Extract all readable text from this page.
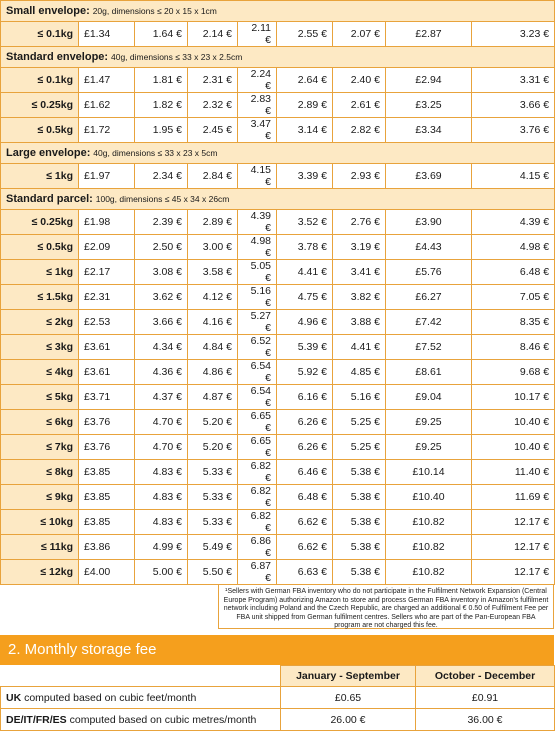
Small envelope: 20g, dimensions ≤ 20 x 15 x 1cm								
≤ 0.1kg	£1.34	1.64 €	2.14 €	2.11 €	2.55 €	2.07 €	£2.87	3.23 €
Standard envelope: 40g, dimensions ≤ 33 x 23 x 2.5cm								
≤ 0.1kg	£1.47	1.81 €	2.31 €	2.24 €	2.64 €	2.40 €	£2.94	3.31 €
≤ 0.25kg	£1.62	1.82 €	2.32 €	2.83 €	2.89 €	2.61 €	£3.25	3.66 €
≤ 0.5kg	£1.72	1.95 €	2.45 €	3.47 €	3.14 €	2.82 €	£3.34	3.76 €
Large envelope: 40g, dimensions ≤ 33 x 23 x 5cm								
≤ 1kg	£1.97	2.34 €	2.84 €	4.15 €	3.39 €	2.93 €	£3.69	4.15 €
Standard parcel: 100g, dimensions ≤ 45 x 34 x 26cm								
≤ 0.25kg	£1.98	2.39 €	2.89 €	4.39 €	3.52 €	2.76 €	£3.90	4.39 €
≤ 0.5kg	£2.09	2.50 €	3.00 €	4.98 €	3.78 €	3.19 €	£4.43	4.98 €
≤ 1kg	£2.17	3.08 €	3.58 €	5.05 €	4.41 €	3.41 €	£5.76	6.48 €
≤ 1.5kg	£2.31	3.62 €	4.12 €	5.16 €	4.75 €	3.82 €	£6.27	7.05 €
≤ 2kg	£2.53	3.66 €	4.16 €	5.27 €	4.96 €	3.88 €	£7.42	8.35 €
≤ 3kg	£3.61	4.34 €	4.84 €	6.52 €	5.39 €	4.41 €	£7.52	8.46 €
≤ 4kg	£3.61	4.36 €	4.86 €	6.54 €	5.92 €	4.85 €	£8.61	9.68 €
≤ 5kg	£3.71	4.37 €	4.87 €	6.54 €	6.16 €	5.16 €	£9.04	10.17 €
≤ 6kg	£3.76	4.70 €	5.20 €	6.65 €	6.26 €	5.25 €	£9.25	10.40 €
≤ 7kg	£3.76	4.70 €	5.20 €	6.65 €	6.26 €	5.25 €	£9.25	10.40 €
≤ 8kg	£3.85	4.83 €	5.33 €	6.82 €	6.46 €	5.38 €	£10.14	11.40 €
≤ 9kg	£3.85	4.83 €	5.33 €	6.82 €	6.48 €	5.38 €	£10.40	11.69 €
≤ 10kg	£3.85	4.83 €	5.33 €	6.82 €	6.62 €	5.38 €	£10.82	12.17 €
≤ 11kg	£3.86	4.99 €	5.49 €	6.86 €	6.62 €	5.38 €	£10.82	12.17 €
≤ 12kg	£4.00	5.00 €	5.50 €	6.87 €	6.63 €	5.38 €	£10.82	12.17 €
¹Sellers with German FBA inventory who do not participate in the Fulfilment Network Expansion (Central Europe Program) authorizing Amazon to store and process German FBA inventory in Amazon's fulfilment network including Poland and the Czech Republic, are charged an additional € 0.50 of Fulfilment Fee per FBA unit shipped from German fulfilment centres. Sellers who are part of the Pan-European FBA program are not charged this fee.
2. Monthly storage fee
	January - September	October - December
UK computed based on cubic feet/month	£0.65	£0.91
DE/IT/FR/ES computed based on cubic metres/month	26.00 €	36.00 €
